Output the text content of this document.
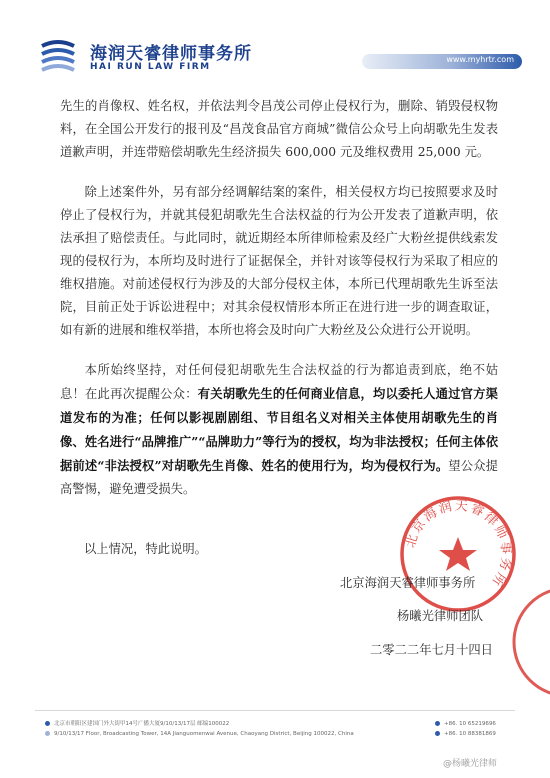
海润天睿律师事务所
HAI RUN LAW FIRM
www.myhrtr.com

先生的肖像权、姓名权，并依法判令昌茂公司停止侵权行为，删除、销毁侵权物料，在全国公开发行的报刊及“昌茂食品官方商城”微信公众号上向胡歌先生发表道歉声明，并连带赔偿胡歌先生经济损失 600,000 元及维权费用 25,000 元。

除上述案件外，另有部分经调解结案的案件，相关侵权方均已按照要求及时停止了侵权行为，并就其侵犯胡歌先生合法权益的行为公开发表了道歉声明，依法承担了赔偿责任。与此同时，就近期经本所律师检索及经广大粉丝提供线索发现的侵权行为，本所均及时进行了证据保全，并针对该等侵权行为采取了相应的维权措施。对前述侵权行为涉及的大部分侵权主体，本所已代理胡歌先生诉至法院，目前正处于诉讼进程中；对其余侵权情形本所正在进行进一步的调查取证，如有新的进展和维权举措，本所也将会及时向广大粉丝及公众进行公开说明。

本所始终坚持，对任何侵犯胡歌先生合法权益的行为都追责到底，绝不姑息！在此再次提醒公众：有关胡歌先生的任何商业信息，均以委托人通过官方渠道发布的为准；任何以影视剧剧组、节目组名义对相关主体使用胡歌先生的肖像、姓名进行“品牌推广”“品牌助力”等行为的授权，均为非法授权；任何主体依据前述“非法授权”对胡歌先生肖像、姓名的使用行为，均为侵权行为。望公众提高警惕，避免遭受损失。

以上情况，特此说明。	北京海润天睿律师事务所
北京海润天睿律师事务所
杨曦光律师团队
二零二二年七月十四日
北京市朝阳区建国门外大街甲14号广播大厦9/10/13/17层 邮编100022
9/10/13/17 Floor, Broadcasting Tower, 14A Jianguomenwai Avenue, Chaoyang District, Beijing 100022, China
+86. 10 65219696
+86. 10 88381869
@杨曦光律师
